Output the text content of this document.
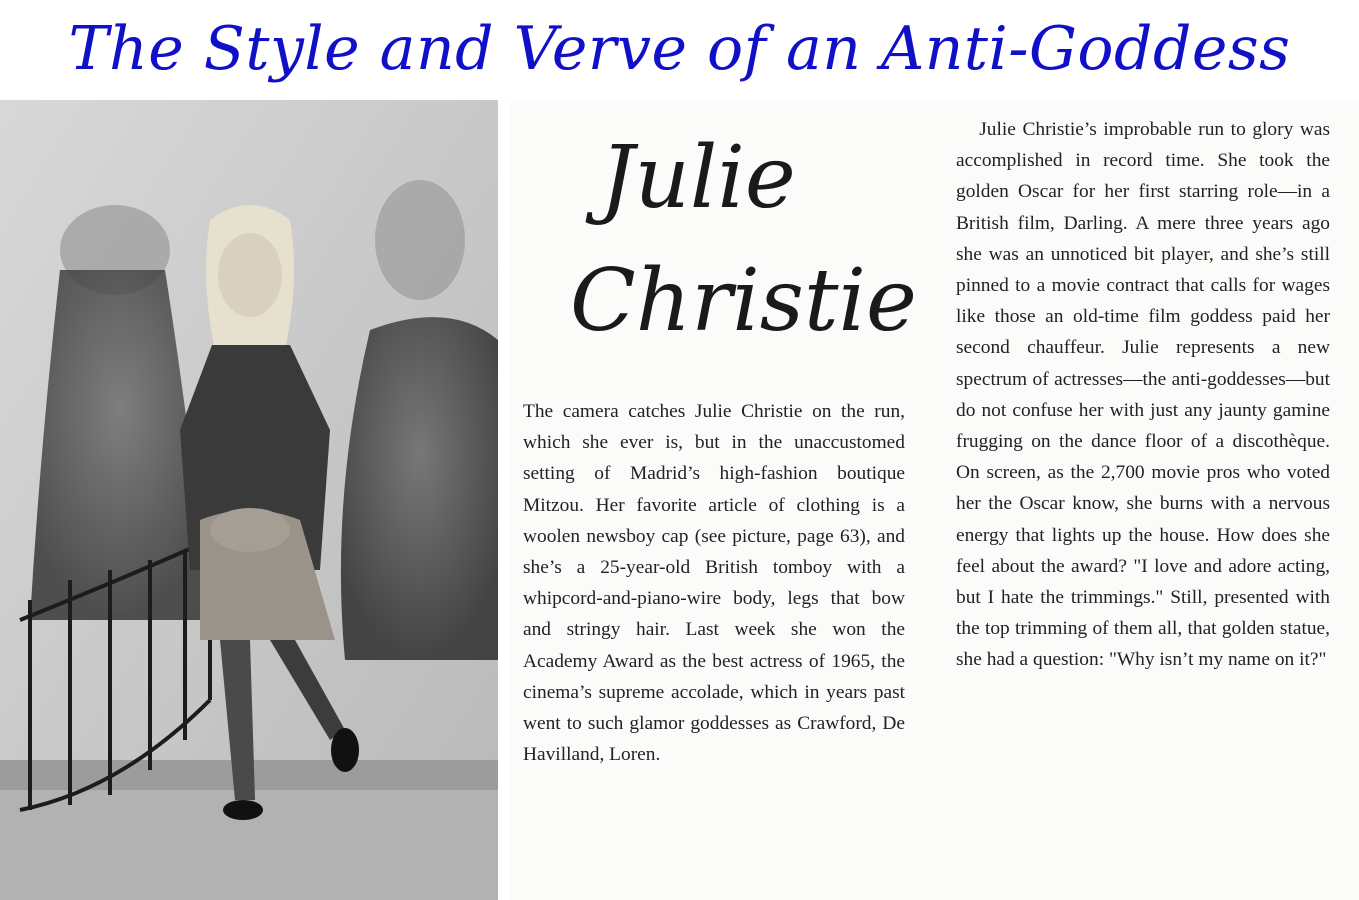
The Style and Verve of an Anti-Goddess
Julie
Christie

The camera catches Julie Christie on the run, which she ever is, but in the unaccustomed setting of Madrid’s high-fashion boutique Mitzou. Her favorite article of clothing is a woolen newsboy cap (see picture, page 63), and she’s a 25-year-old British tomboy with a whipcord-and-piano-wire body, legs that bow and stringy hair. Last week she won the Academy Award as the best actress of 1965, the cinema’s supreme accolade, which in years past went to such glamor goddesses as Crawford, De Havilland, Loren.

Julie Christie’s improbable run to glory was accomplished in record time. She took the golden Oscar for her first starring role—in a British film, Darling. A mere three years ago she was an unnoticed bit player, and she’s still pinned to a movie contract that calls for wages like those an old-time film goddess paid her second chauffeur. Julie represents a new spectrum of actresses—the anti-goddesses—but do not confuse her with just any jaunty gamine frugging on the dance floor of a discothèque. On screen, as the 2,700 movie pros who voted her the Oscar know, she burns with a nervous energy that lights up the house. How does she feel about the award? "I love and adore acting, but I hate the trimmings." Still, presented with the top trimming of them all, that golden statue, she had a question: "Why isn’t my name on it?"
